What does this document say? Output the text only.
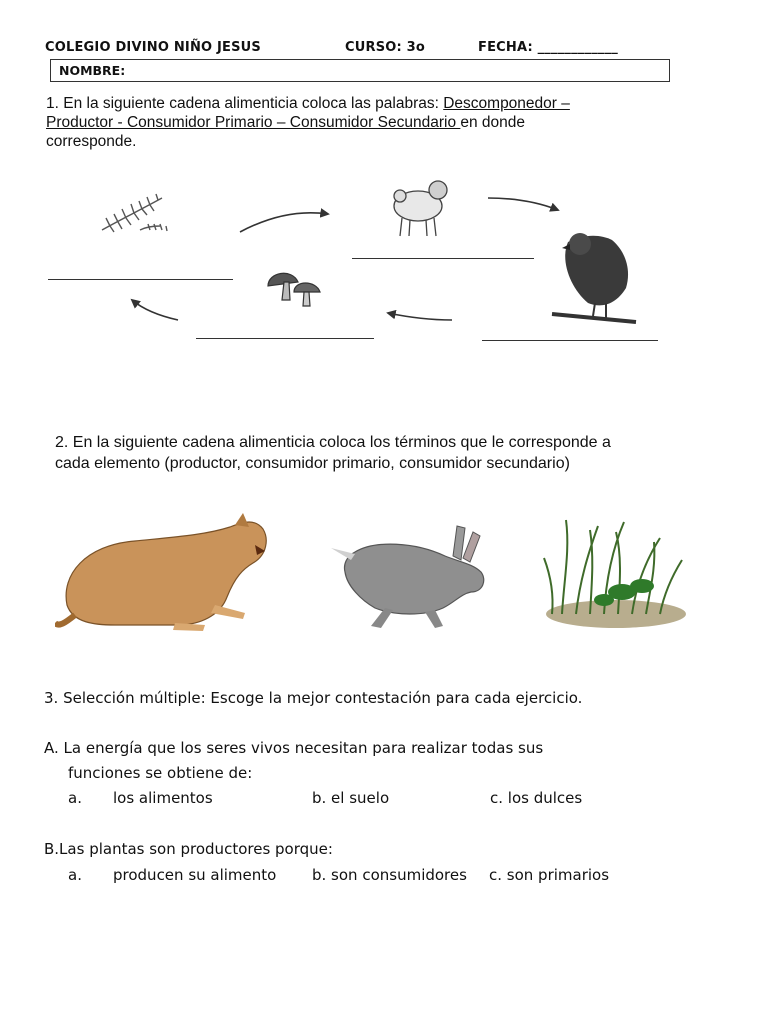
COLEGIO DIVINO NIÑO JESUS	CURSO: 3o	FECHA: ____________
NOMBRE:
1. En la siguiente cadena alimenticia coloca las palabras: Descomponedor –
Productor - Consumidor Primario – Consumidor Secundario en donde
corresponde.
2. En la siguiente cadena alimenticia coloca los términos que le corresponde a
cada elemento (productor, consumidor primario, consumidor secundario)
3. Selección múltiple: Escoge la mejor contestación para cada ejercicio.
A. La energía que los seres vivos necesitan para realizar todas sus
funciones se obtiene de:
a. los alimentos	b. el suelo	c. los dulces
B.Las plantas son productores porque:
a. producen su alimento b. son consumidores c. son primarios
